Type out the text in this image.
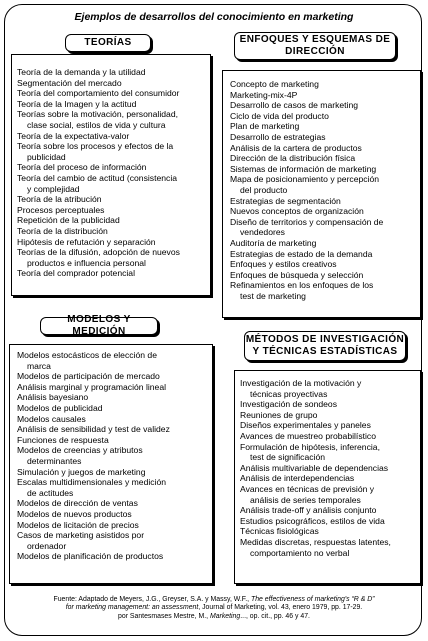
Ejemplos de desarrollos del conocimiento en marketing
TEORÍAS
Teoría de la demanda y la utilidad
Segmentación del mercado
Teoría del comportamiento del consumidor
Teoría de la Imagen y la actitud
Teorías sobre la motivación, personalidad,
clase social, estilos de vida y cultura
Teoría de la expectativa-valor
Teoría sobre los procesos y efectos de la
publicidad
Teoría del proceso de información
Teoría del cambio de actitud (consistencia
y complejidad
Teoría de la atribución
Procesos perceptuales
Repetición de la publicidad
Teoría de la distribución
Hipótesis de refutación y separación
Teorías de la difusión, adopción de nuevos
productos e influencia personal
Teoría del comprador potencial
ENFOQUES Y ESQUEMAS DE
DIRECCIÓN
Concepto de marketing
Marketing-mix-4P
Desarrollo de casos de marketing
Ciclo de vida del producto
Plan de marketing
Desarrollo de estrategias
Análisis de la cartera de productos
Dirección de la distribución física
Sistemas de información de marketing
Mapa de posicionamiento y percepción
del producto
Estrategias de segmentación
Nuevos conceptos de organización
Diseño de territorios y compensación de
vendedores
Auditoría de marketing
Estrategias de estado de la demanda
Enfoques y estilos creativos
Enfoques de búsqueda y selección
Refinamientos en los enfoques de los
test de marketing
MODELOS Y MEDICIÓN
Modelos estocásticos de elección de
marca
Modelos de participación de mercado
Análisis marginal y programación lineal
Análisis bayesiano
Modelos de publicidad
Modelos causales
Análisis de sensibilidad y test de validez
Funciones de respuesta
Modelos de creencias y atributos
determinantes
Simulación y juegos de marketing
Escalas multidimensionales y medición
de actitudes
Modelos de dirección de ventas
Modelos de nuevos productos
Modelos de licitación de precios
Casos de marketing asistidos por
ordenador
Modelos de planificación de productos
MÉTODOS DE INVESTIGACIÓN
Y TÉCNICAS ESTADÍSTICAS
Investigación de la motivación y
técnicas proyectivas
Investigación de sondeos
Reuniones de grupo
Diseños experimentales y paneles
Avances de muestreo probabilístico
Formulación de hipótesis, inferencia,
test de significación
Análisis multivariable de dependencias
Análisis de interdependencias
Avances en técnicas de previsión y
análisis de series temporales
Análisis trade-off y análisis conjunto
Estudios psicográficos, estilos de vida
Técnicas fisiológicas
Medidas discretas, respuestas latentes,
comportamiento no verbal
Fuente: Adaptado de Meyers, J.G., Greyser, S.A. y Massy, W.F., The effectiveness of marketing's “R & D”
for marketing management: an assessment, Journal of Marketing, vol. 43, enero 1979, pp. 17-29.
por Santesmases Mestre, M., Marketing..., op. cit., pp. 46 y 47.
